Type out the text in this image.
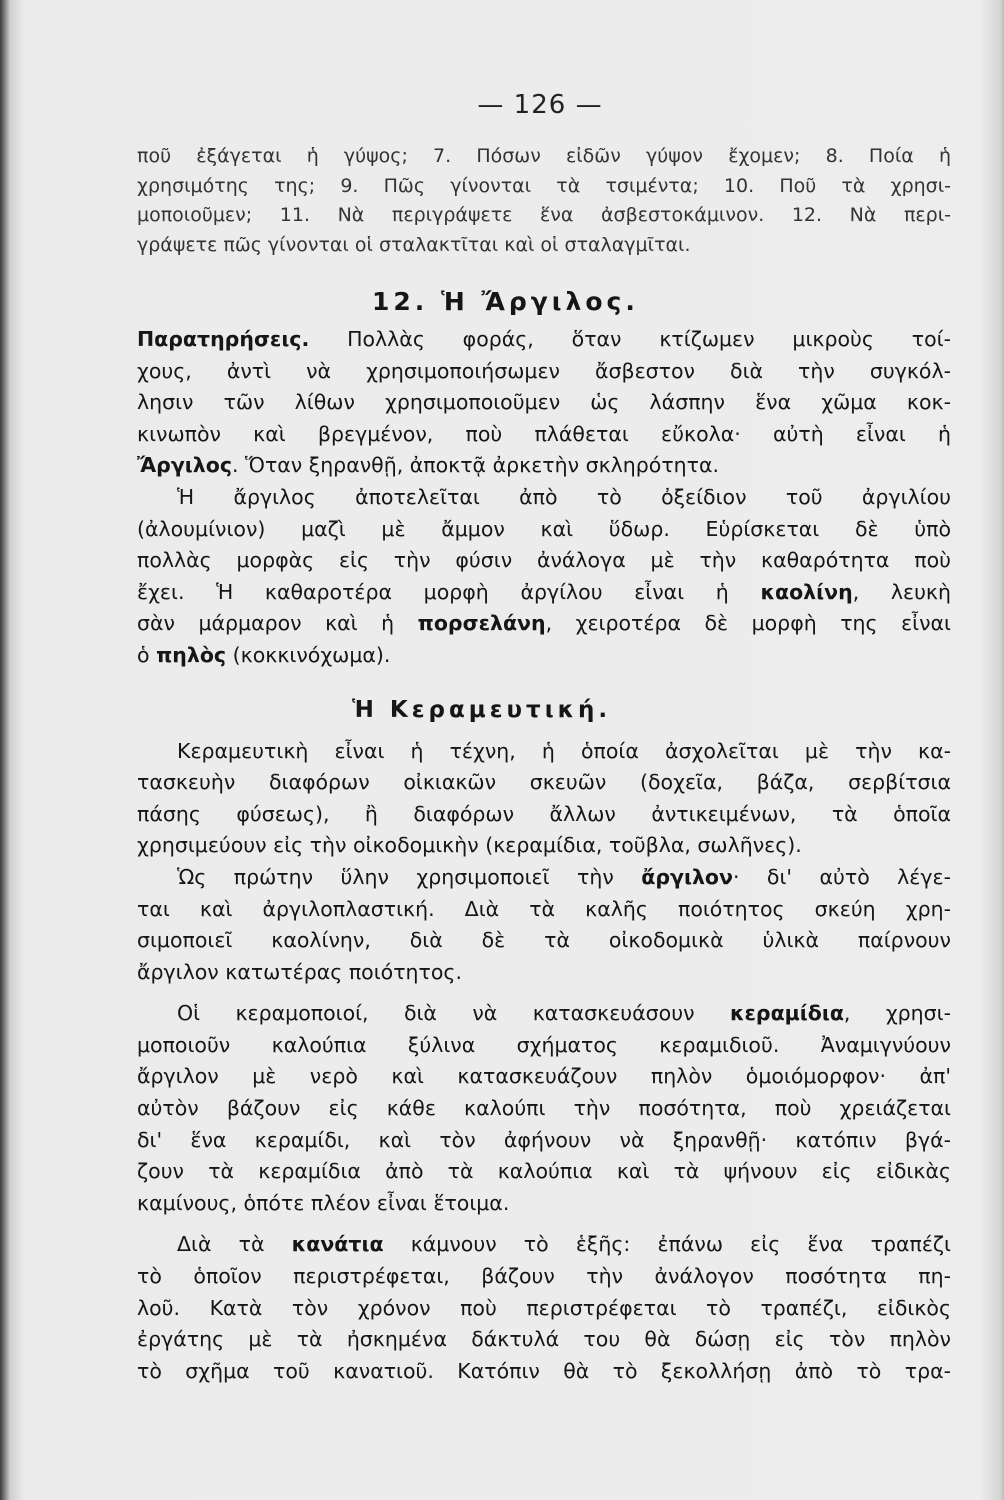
— 126 —

ποῦ ἐξάγεται ἡ γύψος; 7. Πόσων εἰδῶν γύψον ἔχομεν; 8. Ποία ἡ

χρησιμότης της; 9. Πῶς γίνονται τὰ τσιμέντα; 10. Ποῦ τὰ χρησι-

μοποιοῦμεν; 11. Νὰ περιγράψετε ἕνα ἀσβεστοκάμινον. 12. Νὰ περι-

γράψετε πῶς γίνονται οἱ σταλακτῖται καὶ οἱ σταλαγμῖται.

12. Ἡ Ἄργιλος.

Παρατηρήσεις. Πολλὰς φοράς, ὅταν κτίζωμεν μικροὺς τοί-

χους, ἀντὶ νὰ χρησιμοποιήσωμεν ἄσβεστον διὰ τὴν συγκόλ-

λησιν τῶν λίθων χρησιμοποιοῦμεν ὡς λάσπην ἕνα χῶμα κοκ-

κινωπὸν καὶ βρεγμένον, ποὺ πλάθεται εὔκολα· αὐτὴ εἶναι ἡ

Ἄργιλος. Ὅταν ξηρανθῇ, ἀποκτᾷ ἀρκετὴν σκληρότητα.

Ἡ ἄργιλος ἀποτελεῖται ἀπὸ τὸ ὀξείδιον τοῦ ἀργιλίου

(ἀλουμίνιον) μαζὶ μὲ ἄμμον καὶ ὕδωρ. Εὑρίσκεται δὲ ὑπὸ

πολλὰς μορφὰς εἰς τὴν φύσιν ἀνάλογα μὲ τὴν καθαρότητα ποὺ

ἔχει. Ἡ καθαροτέρα μορφὴ ἀργίλου εἶναι ἡ καολίνη, λευκὴ

σὰν μάρμαρον καὶ ἡ πορσελάνη, χειροτέρα δὲ μορφὴ της εἶναι

ὁ πηλὸς (κοκκινόχωμα).

Ἡ Κεραμευτική.

Κεραμευτικὴ εἶναι ἡ τέχνη, ἡ ὁποία ἀσχολεῖται μὲ τὴν κα-

τασκευὴν διαφόρων οἰκιακῶν σκευῶν (δοχεῖα, βάζα, σερβίτσια

πάσης φύσεως), ἢ διαφόρων ἄλλων ἀντικειμένων, τὰ ὁποῖα

χρησιμεύουν εἰς τὴν οἰκοδομικὴν (κεραμίδια, τοῦβλα, σωλῆνες).

Ὡς πρώτην ὕλην χρησιμοποιεῖ τὴν ἄργιλον· δι' αὐτὸ λέγε-

ται καὶ ἀργιλοπλαστική. Διὰ τὰ καλῆς ποιότητος σκεύη χρη-

σιμοποιεῖ καολίνην, διὰ δὲ τὰ οἰκοδομικὰ ὑλικὰ παίρνουν

ἄργιλον κατωτέρας ποιότητος.

Οἱ κεραμοποιοί, διὰ νὰ κατασκευάσουν κεραμίδια, χρησι-

μοποιοῦν καλούπια ξύλινα σχήματος κεραμιδιοῦ. Ἀναμιγνύουν

ἄργιλον μὲ νερὸ καὶ κατασκευάζουν πηλὸν ὁμοιόμορφον· ἀπ'

αὐτὸν βάζουν εἰς κάθε καλούπι τὴν ποσότητα, ποὺ χρειάζεται

δι' ἕνα κεραμίδι, καὶ τὸν ἀφήνουν νὰ ξηρανθῇ· κατόπιν βγά-

ζουν τὰ κεραμίδια ἀπὸ τὰ καλούπια καὶ τὰ ψήνουν εἰς εἰδικὰς

καμίνους, ὁπότε πλέον εἶναι ἕτοιμα.

Διὰ τὰ κανάτια κάμνουν τὸ ἑξῆς: ἐπάνω εἰς ἕνα τραπέζι

τὸ ὁποῖον περιστρέφεται, βάζουν τὴν ἀνάλογον ποσότητα πη-

λοῦ. Κατὰ τὸν χρόνον ποὺ περιστρέφεται τὸ τραπέζι, εἰδικὸς

ἐργάτης μὲ τὰ ἠσκημένα δάκτυλά του θὰ δώσῃ εἰς τὸν πηλὸν

τὸ σχῆμα τοῦ κανατιοῦ. Κατόπιν θὰ τὸ ξεκολλήσῃ ἀπὸ τὸ τρα-
